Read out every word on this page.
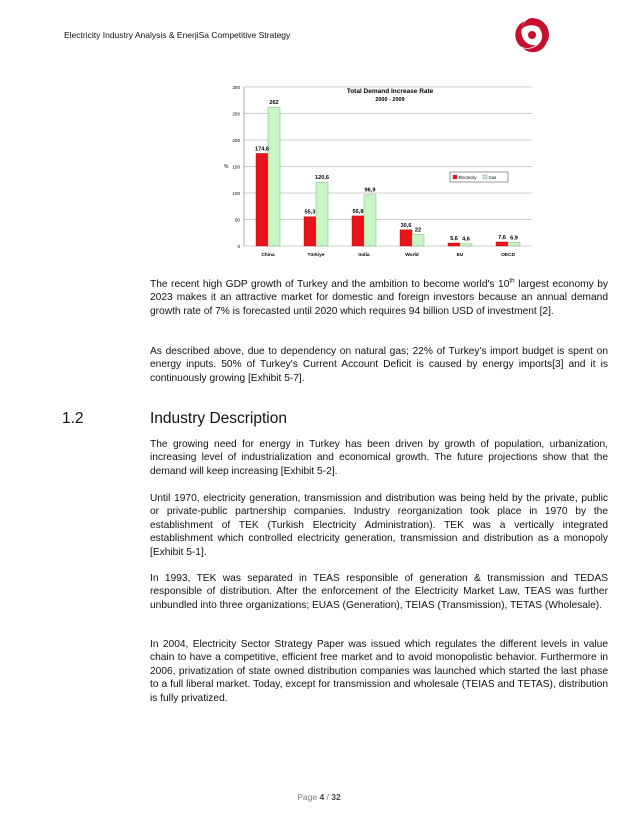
Electricity Industry Analysis & EnerjiSa Competitive Strategy
Total Demand Increase Rate
2000 - 2009
%
0
50
100
150
200
250
300
174,6
262
China
55,3
120,6
Türkiye
56,8
96,9
India
30,6
22
World
5,6 4,6
EU
7,6 6,9
OECD
Electricity	Gas

The recent high GDP growth of Turkey and the ambition to become world's 10th largest economy by 2023 makes it an attractive market for domestic and foreign investors because an annual demand growth rate of 7% is forecasted until 2020 which requires 94 billion USD of investment [2].

As described above, due to dependency on natural gas; 22% of Turkey's import budget is spent on energy inputs. 50% of Turkey's Current Account Deficit is caused by energy imports[3] and it is continuously growing [Exhibit 5-7].

1.2	Industry Description

The growing need for energy in Turkey has been driven by growth of population, urbanization, increasing level of industrialization and economical growth. The future projections show that the demand will keep increasing [Exhibit 5-2].

Until 1970, electricity generation, transmission and distribution was being held by the private, public or private-public partnership companies. Industry reorganization took place in 1970 by the establishment of TEK (Turkish Electricity Administration). TEK was a vertically integrated establishment which controlled electricity generation, transmission and distribution as a monopoly [Exhibit 5-1].

In 1993, TEK was separated in TEAS responsible of generation & transmission and TEDAS responsible of distribution. After the enforcement of the Electricity Market Law, TEAS was further unbundled into three organizations; EUAS (Generation), TEIAS (Transmission), TETAS (Wholesale).

In 2004, Electricity Sector Strategy Paper was issued which regulates the different levels in value chain to have a competitive, efficient free market and to avoid monopolistic behavior. Furthermore in 2006, privatization of state owned distribution companies was launched which started the last phase to a full liberal market. Today, except for transmission and wholesale (TEIAS and TETAS), distribution is fully privatized.

Page 4 / 32
